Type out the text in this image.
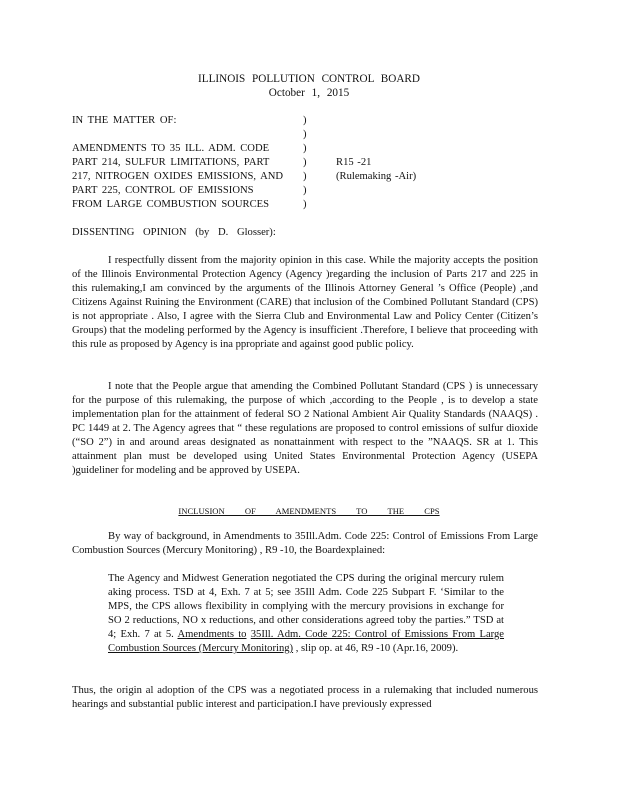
ILLINOIS POLLUTION CONTROL BOARD
October 1, 2015
IN THE MATTER OF:
AMENDMENTS TO 35 ILL. ADM. CODE
PART 214, SULFUR LIMITATIONS, PART
217, NITROGEN OXIDES EMISSIONS, AND
PART 225, CONTROL OF EMISSIONS
FROM LARGE COMBUSTION SOURCES
)
)
)
)
)
)
)
R15 -21
(Rulemaking -Air)
DISSENTING OPINION (by D. Glosser):
I respectfully dissent from the majority opinion in this case. While the majority accepts the position of the Illinois Environmental Protection Agency (Agency )regarding the inclusion of Parts 217 and 225 in this rulemaking,I am convinced by the arguments of the Illinois Attorney General ’s Office (People) ,and Citizens Against Ruining the Environment (CARE) that inclusion of the Combined Pollutant Standard (CPS) is not appropriate . Also, I agree with the Sierra Club and Environmental Law and Policy Center (Citizen’s Groups) that the modeling performed by the Agency is insufficient .Therefore, I believe that proceeding with this rule as proposed by Agency is ina ppropriate and against good public policy.
I note that the People argue that amending the Combined Pollutant Standard (CPS ) is unnecessary for the purpose of this rulemaking, the purpose of which ,according to the People , is to develop a state implementation plan for the attainment of federal SO 2 National Ambient Air Quality Standards (NAAQS) . PC 1449 at 2. The Agency agrees that “ these regulations are proposed to control emissions of sulfur dioxide (“SO 2”) in and around areas designated as nonattainment with respect to the ”NAAQS. SR at 1. This attainment plan must be developed using United States Environmental Protection Agency (USEPA )guideliner for modeling and be approved by USEPA.
INCLUSION OF AMENDMENTS TO THE CPS
By way of background, in Amendments to 35Ill.Adm. Code 225: Control of Emissions From Large Combustion Sources (Mercury Monitoring) , R9 -10, the Boardexplained:
The Agency and Midwest Generation negotiated the CPS during the original mercury rulem aking process. TSD at 4, Exh. 7 at 5; see 35Ill Adm. Code 225 Subpart F. ‘Similar to the MPS, the CPS allows flexibility in complying with the mercury provisions in exchange for SO 2 reductions, NO x reductions, and other considerations agreed toby the parties.” TSD at 4; Exh. 7 at 5. Amendments to 35Ill. Adm. Code 225: Control of Emissions From Large Combustion Sources (Mercury Monitoring) , slip op. at 46, R9 -10 (Apr.16, 2009).
Thus, the origin al adoption of the CPS was a negotiated process in a rulemaking that included numerous hearings and substantial public interest and participation.I have previously expressed
